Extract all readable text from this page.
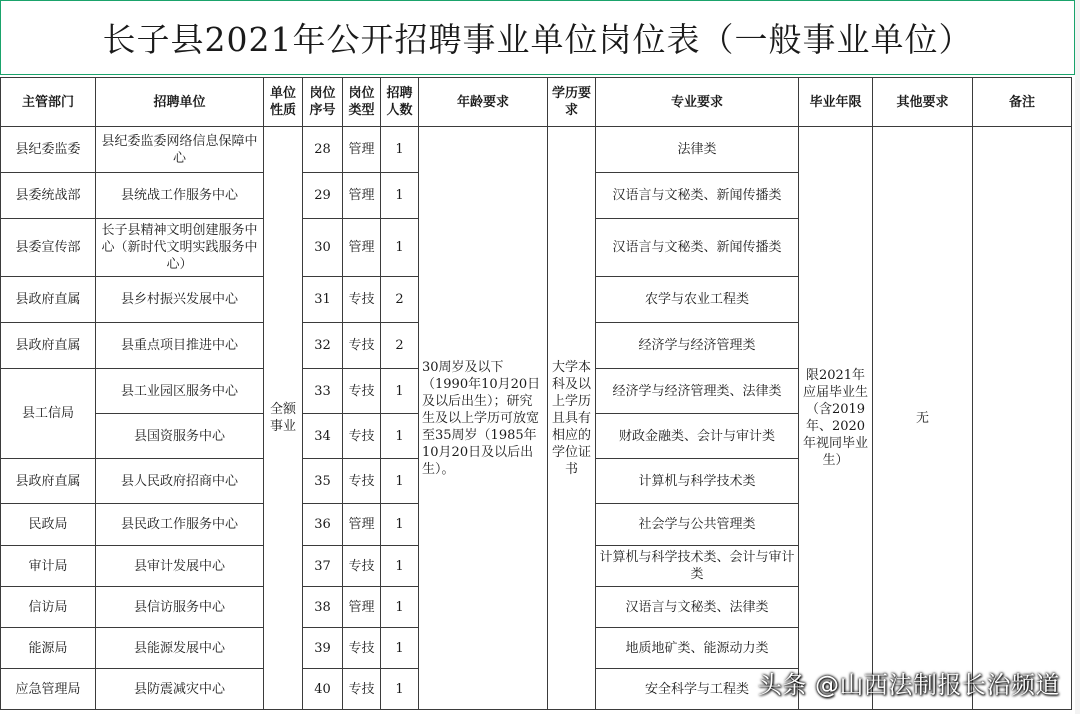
长子县2021年公开招聘事业单位岗位表（一般事业单位）
主管部门	招聘单位	单位性质	岗位序号	岗位类型	招聘人数	年龄要求	学历要求	专业要求	毕业年限	其他要求	备注
县纪委监委	县纪委监委网络信息保障中心	全额事业	28	管理	1	30周岁及以下（1990年10月20日及以后出生）；研究生及以上学历可放宽至35周岁（1985年10月20日及以后出生）。	大学本科及以上学历且具有相应的学位证书	法律类	限2021年应届毕业生（含2019年、2020年视同毕业生）	无	
县委统战部	县统战工作服务中心		29	管理	1			汉语言与文秘类、新闻传播类			
县委宣传部	长子县精神文明创建服务中心（新时代文明实践服务中心）		30	管理	1			汉语言与文秘类、新闻传播类			
县政府直属	县乡村振兴发展中心		31	专技	2			农学与农业工程类			
县政府直属	县重点项目推进中心		32	专技	2			经济学与经济管理类			
县工信局	县工业园区服务中心		33	专技	1			经济学与经济管理类、法律类			
	县国资服务中心		34	专技	1			财政金融类、会计与审计类			
县政府直属	县人民政府招商中心		35	专技	1			计算机与科学技术类			
民政局	县民政工作服务中心		36	管理	1			社会学与公共管理类			
审计局	县审计发展中心		37	专技	1			计算机与科学技术类、会计与审计类			
信访局	县信访服务中心		38	管理	1			汉语言与文秘类、法律类			
能源局	县能源发展中心		39	专技	1			地质地矿类、能源动力类			
应急管理局	县防震减灾中心		40	专技	1			安全科学与工程类			头条 @山西法制报长治频道
